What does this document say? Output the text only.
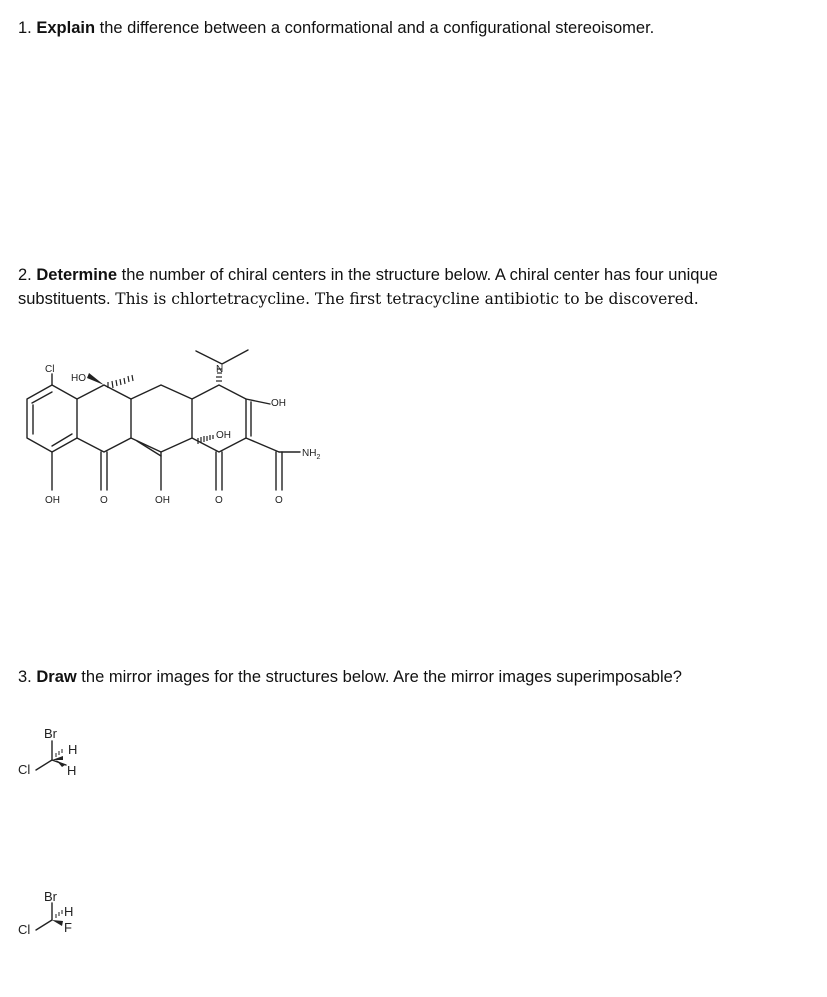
1. Explain the difference between a conformational and a configurational stereoisomer.

2. Determine the number of chiral centers in the structure below. A chiral center has four unique substituents. This is chlortetracycline. The first tetracycline antibiotic to be discovered.

Cl
HO
N
OH
OH
$NH_2$
OH	O	OH	O	O

3. Draw the mirror images for the structures below. Are the mirror images superimposable?

Br
H
Cl	H
Br
H
Cl	F
